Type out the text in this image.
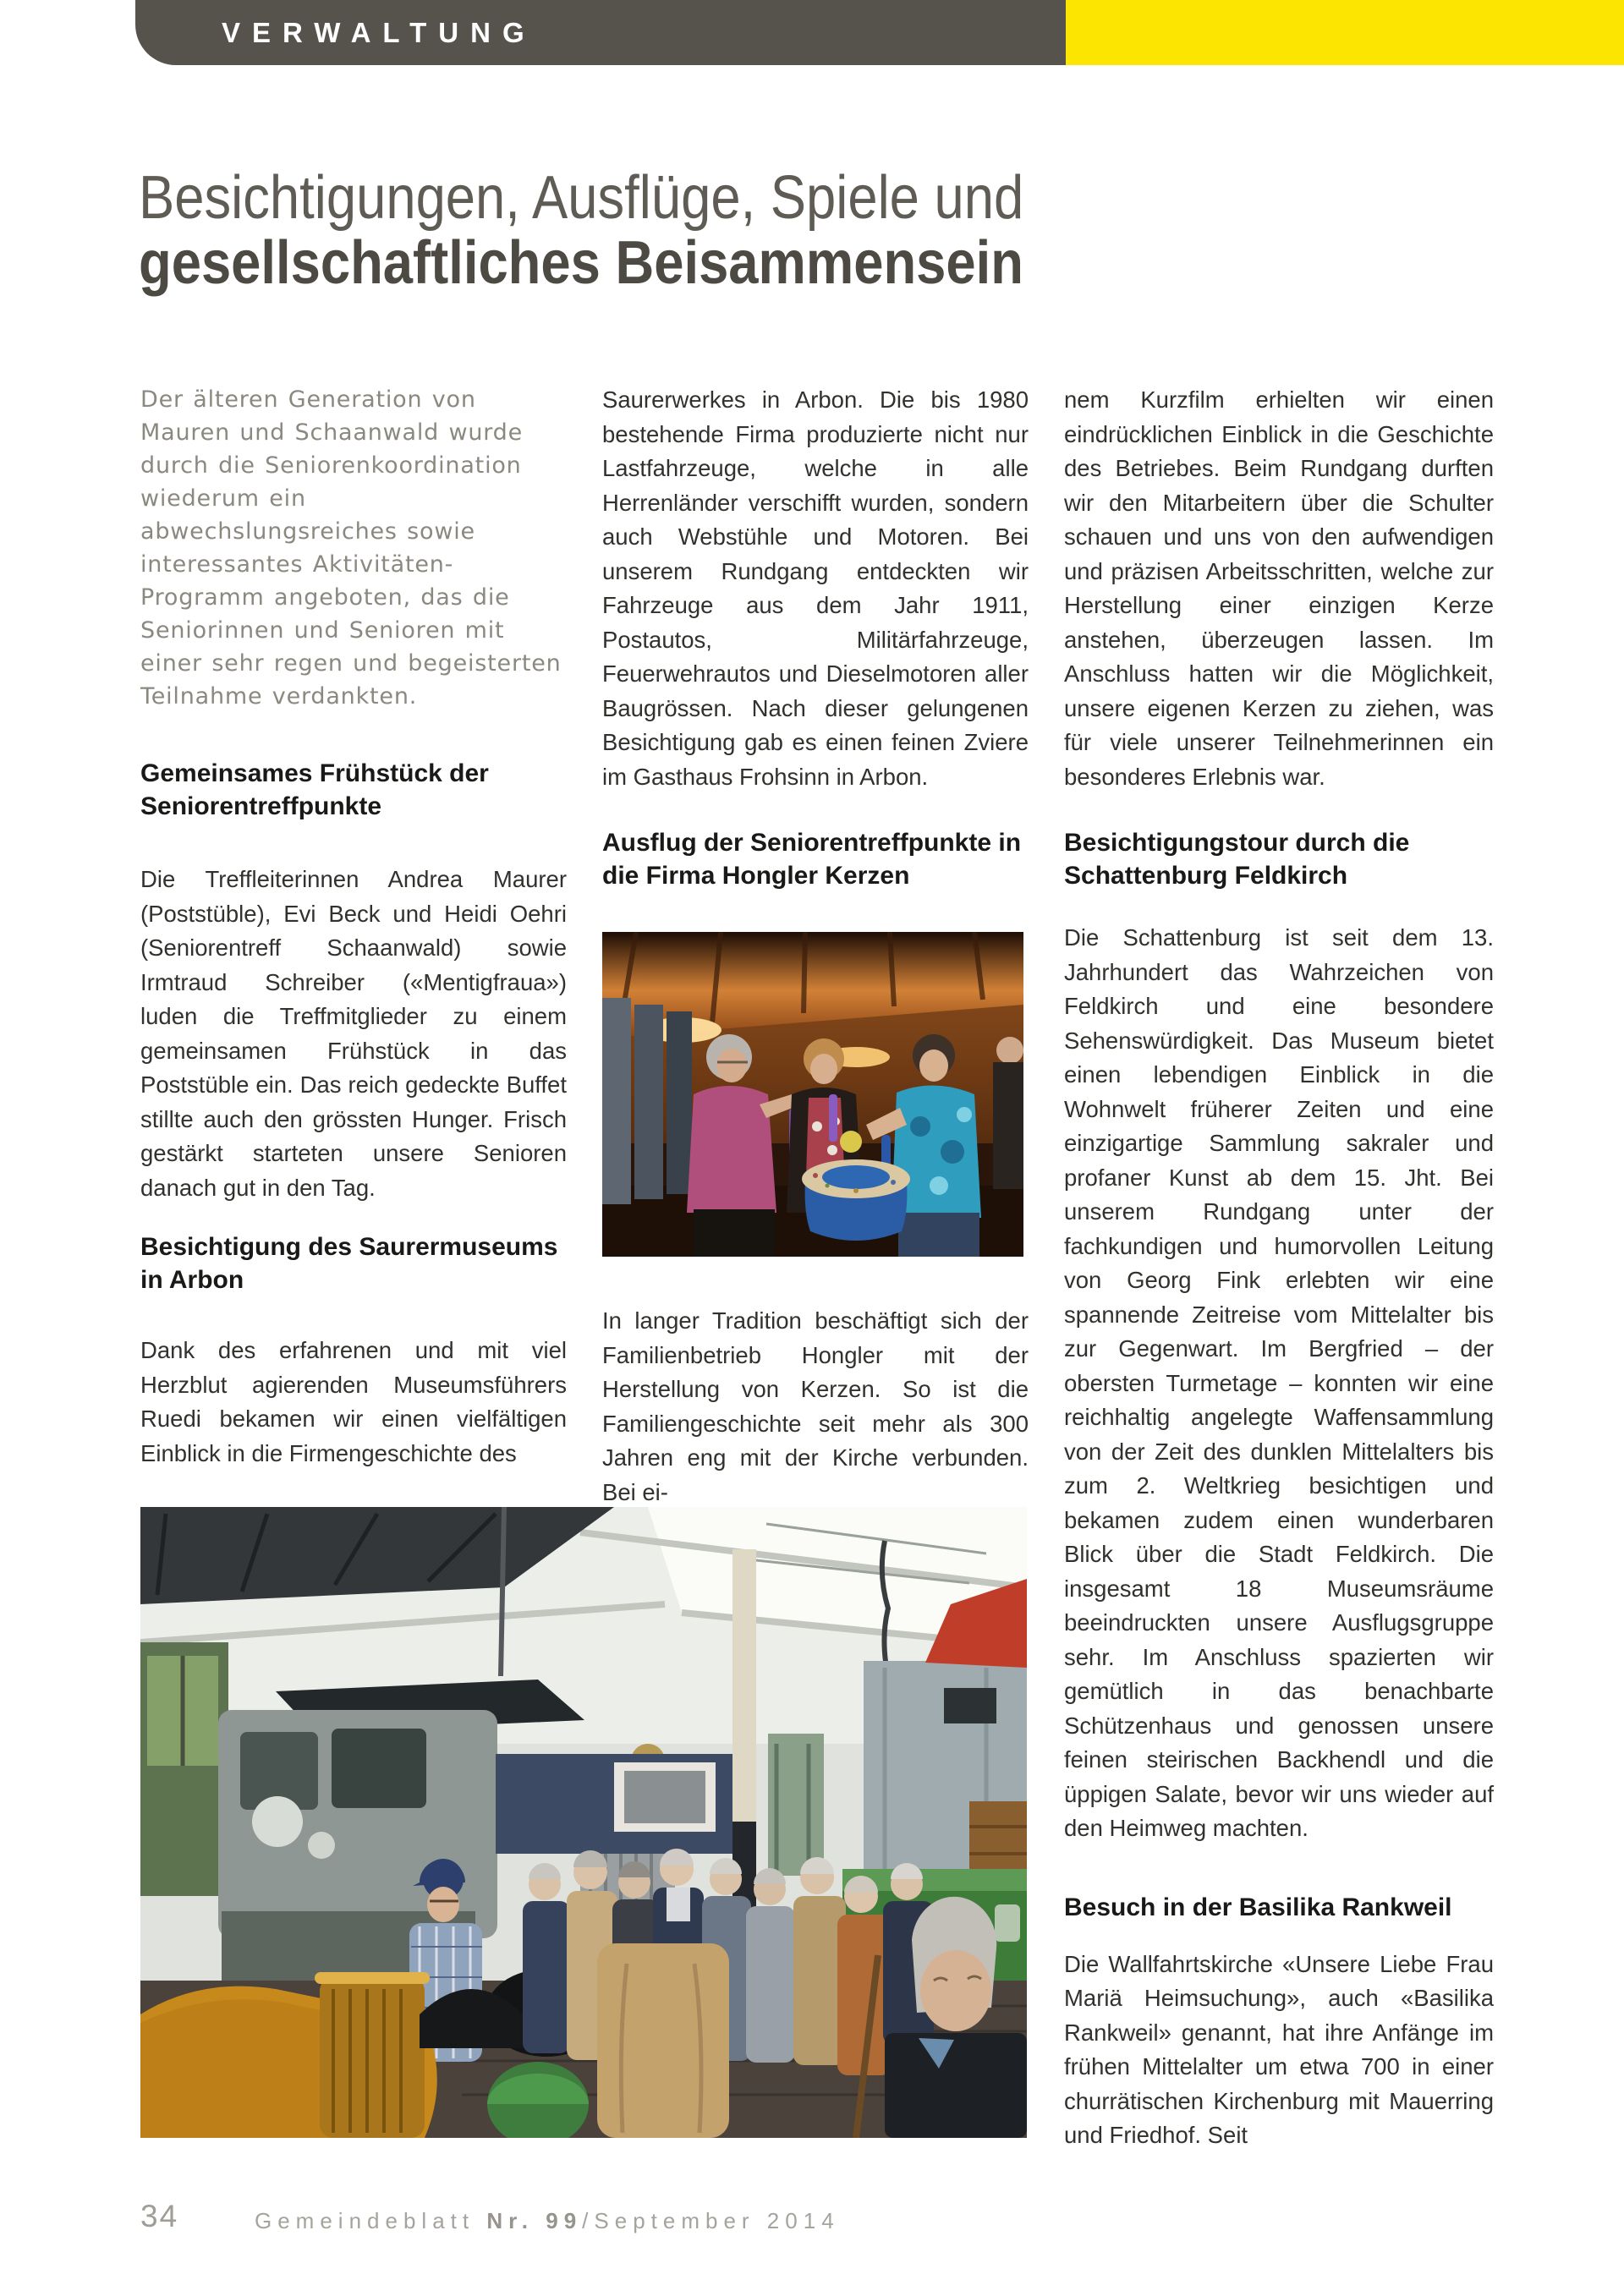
VERWALTUNG
Besichtigungen, Ausflüge, Spiele und
gesellschaftliches Beisammensein

Der älteren Generation von Mauren und Schaanwald wurde durch die Seniorenkoordination wiederum ein abwechslungsreiches sowie interessantes Aktivitäten-Programm angeboten, das die Seniorinnen und Senioren mit einer sehr regen und begeisterten Teilnahme verdankten.

Gemeinsames Frühstück der Seniorentreffpunkte

Die Treffleiterinnen Andrea Maurer (Poststüble), Evi Beck und Heidi Oehri (Seniorentreff Schaanwald) sowie Irmtraud Schreiber («Mentigfraua») luden die Treffmitglieder zu einem gemeinsamen Frühstück in das Poststüble ein. Das reich gedeckte Buffet stillte auch den grössten Hunger. Frisch gestärkt starteten unsere Senioren danach gut in den Tag.

Besichtigung des Saurermuseums in Arbon

Dank des erfahrenen und mit viel Herzblut agierenden Museumsführers Ruedi bekamen wir einen vielfältigen Einblick in die Firmengeschichte des

Saurerwerkes in Arbon. Die bis 1980 bestehende Firma produzierte nicht nur Lastfahrzeuge, welche in alle Herrenländer verschifft wurden, sondern auch Webstühle und Motoren. Bei unserem Rundgang entdeckten wir Fahrzeuge aus dem Jahr 1911, Postautos, Militärfahrzeuge, Feuerwehrautos und Dieselmotoren aller Baugrössen. Nach dieser gelungenen Besichtigung gab es einen feinen Zviere im Gasthaus Frohsinn in Arbon.

Ausflug der Seniorentreffpunkte in die Firma Hongler Kerzen

In langer Tradition beschäftigt sich der Familienbetrieb Hongler mit der Herstellung von Kerzen. So ist die Familiengeschichte seit mehr als 300 Jahren eng mit der Kirche verbunden. Bei ei-

nem Kurzfilm erhielten wir einen eindrücklichen Einblick in die Geschichte des Betriebes. Beim Rundgang durften wir den Mitarbeitern über die Schulter schauen und uns von den aufwendigen und präzisen Arbeitsschritten, welche zur Herstellung einer einzigen Kerze anstehen, überzeugen lassen. Im Anschluss hatten wir die Möglichkeit, unsere eigenen Kerzen zu ziehen, was für viele unserer Teilnehmerinnen ein besonderes Erlebnis war.

Besichtigungstour durch die Schattenburg Feldkirch

Die Schattenburg ist seit dem 13. Jahrhundert das Wahrzeichen von Feldkirch und eine besondere Sehenswürdigkeit. Das Museum bietet einen lebendigen Einblick in die Wohnwelt früherer Zeiten und eine einzigartige Sammlung sakraler und profaner Kunst ab dem 15. Jht. Bei unserem Rundgang unter der fachkundigen und humorvollen Leitung von Georg Fink erlebten wir eine spannende Zeitreise vom Mittelalter bis zur Gegenwart. Im Bergfried – der obersten Turmetage – konnten wir eine reichhaltig angelegte Waffensammlung von der Zeit des dunklen Mittelalters bis zum 2. Weltkrieg besichtigen und bekamen zudem einen wunderbaren Blick über die Stadt Feldkirch. Die insgesamt 18 Museumsräume beeindruckten unsere Ausflugsgruppe sehr. Im Anschluss spazierten wir gemütlich in das benachbarte Schützenhaus und genossen unsere feinen steirischen Backhendl und die üppigen Salate, bevor wir uns wieder auf den Heimweg machten.

Besuch in der Basilika Rankweil

Die Wallfahrtskirche «Unsere Liebe Frau Mariä Heimsuchung», auch «Basilika Rankweil» genannt, hat ihre Anfänge im frühen Mittelalter um etwa 700 in einer churrätischen Kirchenburg mit Mauerring und Friedhof. Seit

34	Gemeindeblatt Nr. 99/September 2014
